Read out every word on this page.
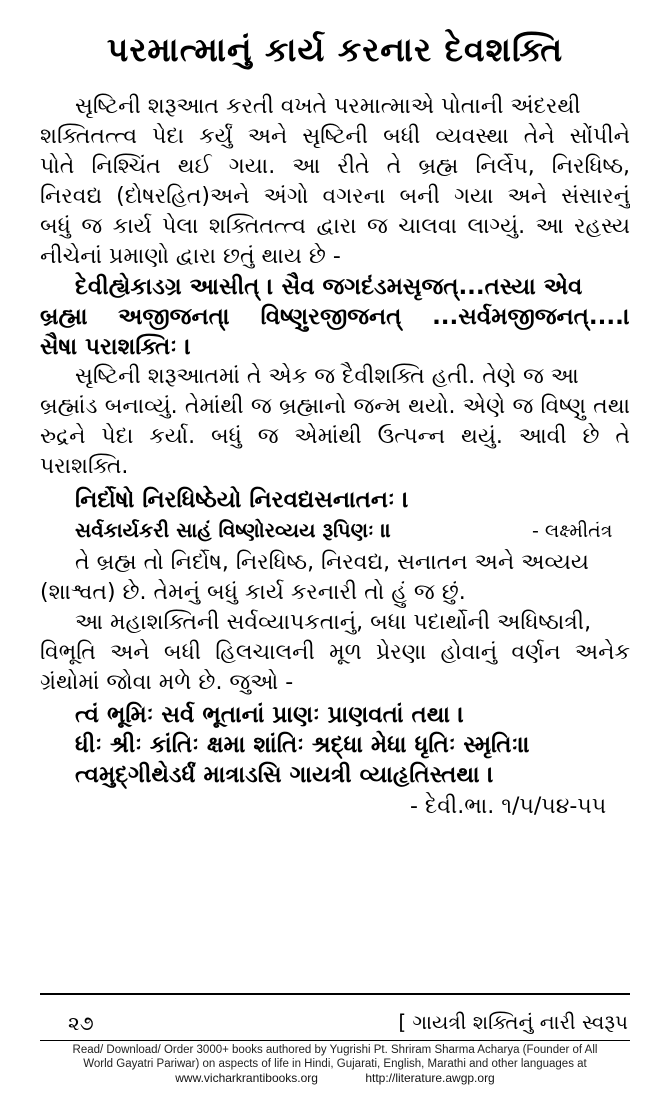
પરમાત્માનું કાર્ય કરનાર દેવશક્તિ
સૃષ્ટિની શરૂઆત કરતી વખતે પરમાત્માએ પોતાની અંદરથી
શક્તિતત્ત્વ પેદા કર્યું અને સૃષ્ટિની બધી વ્યવસ્થા તેને સોંપીને
પોતે નિશ્ચિંત થઈ ગયા. આ રીતે તે બ્રહ્મ નિર્લેપ, નિરધિષ્ઠ,
નિરવદ્ય (દોષરહિત)અને અંગો વગરના બની ગયા અને સંસારનું
બધું જ કાર્ય પેલા શક્તિતત્ત્વ દ્વારા જ ચાલવા લાગ્યું. આ રહસ્ય
નીચેનાં પ્રમાણો દ્વારા છતું થાય છે -
દેવીહ્યેકાડગ્ર આસીત્ । સૈવ જગદંડમસૃજત્...તસ્યા એવ
બ્રહ્મા અજીજનત્। વિષ્ણુરજીજનત્ ...સર્વમજીજનત્....।
સૈષા પરાશક્તિઃ ।
સૃષ્ટિની શરૂઆતમાં તે એક જ દૈવીશક્તિ હતી. તેણે જ આ
બ્રહ્માંડ બનાવ્યું. તેમાંથી જ બ્રહ્માનો જન્મ થયો. એણે જ વિષ્ણુ તથા
રુદ્રને પેદા કર્યા. બધું જ એમાંથી ઉત્પન્ન થયું. આવી છે તે
પરાશક્તિ.
નિર્દોષો નિરધિષ્ઠેયો નિરવદ્યસનાતનઃ ।
સર્વકાર્યકરી સાહં વિષ્ણોરવ્યય રૂપિણઃ ॥	- લક્ષ્મીતંત્ર
તે બ્રહ્મ તો નિર્દોષ, નિરધિષ્ઠ, નિરવદ્ય, સનાતન અને અવ્યય
(શાશ્વત) છે. તેમનું બધું કાર્ય કરનારી તો હું જ છું.
આ મહાશક્તિની સર્વવ્યાપકતાનું, બધા પદાર્થોની અધિષ્ઠાત્રી,
વિભૂતિ અને બધી હિલચાલની મૂળ પ્રેરણા હોવાનું વર્ણન અનેક
ગ્રંથોમાં જોવા મળે છે. જુઓ -
ત્વં ભૂમિઃ સર્વ ભૂતાનાં પ્રાણઃ પ્રાણવતાં તથા ।
ધીઃ શ્રીઃ કાંતિઃ ક્ષમા શાંતિઃ શ્રદ્ધા મેધા ધૃતિઃ સ્મૃતિઃ॥
ત્વમુદ્‌ગીથેડર્ધં માત્રાડસિ ગાયત્રી વ્યાહૃતિસ્તથા ।
- દેવી.ભા. ૧/૫/૫૪-૫૫
૨૭	[ ગાયત્રી શક્તિનું નારી સ્વરૂપ
Read/ Download/ Order 3000+ books authored by Yugrishi Pt. Shriram Sharma Acharya (Founder of All
World Gayatri Pariwar) on aspects of life in Hindi, Gujarati, English, Marathi and other languages at
www.vicharkrantibooks.org	http://literature.awgp.org
